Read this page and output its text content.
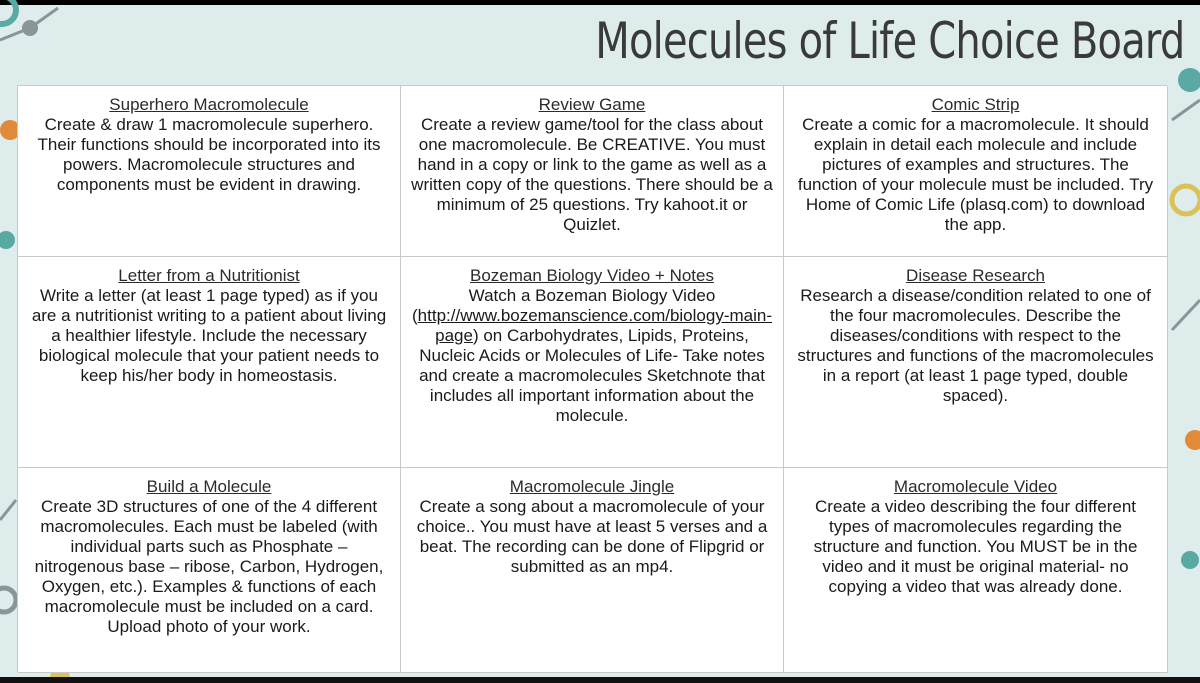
Molecules of Life Choice Board
Superhero Macromolecule
Create & draw 1 macromolecule superhero. Their functions should be incorporated into its powers. Macromolecule structures and components must be evident in drawing.
Review Game
Create a review game/tool for the class about one macromolecule. Be CREATIVE. You must hand in a copy or link to the game as well as a written copy of the questions. There should be a minimum of 25 questions. Try kahoot.it or Quizlet.
Comic Strip
Create a comic for a macromolecule. It should explain in detail each molecule and include pictures of examples and structures. The function of your molecule must be included. Try Home of Comic Life (plasq.com) to download the app.
Letter from a Nutritionist
Write a letter (at least 1 page typed) as if you are a nutritionist writing to a patient about living a healthier lifestyle. Include the necessary biological molecule that your patient needs to keep his/her body in homeostasis.
Bozeman Biology Video + Notes
Watch a Bozeman Biology Video (http://www.bozemanscience.com/biology-main-page) on Carbohydrates, Lipids, Proteins, Nucleic Acids or Molecules of Life- Take notes and create a macromolecules Sketchnote that includes all important information about the molecule.
Disease Research
Research a disease/condition related to one of the four macromolecules. Describe the diseases/conditions with respect to the structures and functions of the macromolecules in a report (at least 1 page typed, double spaced).
Build a Molecule
Create 3D structures of one of the 4 different macromolecules. Each must be labeled (with individual parts such as Phosphate – nitrogenous base – ribose, Carbon, Hydrogen, Oxygen, etc.). Examples & functions of each macromolecule must be included on a card. Upload photo of your work.
Macromolecule Jingle
Create a song about a macromolecule of your choice.. You must have at least 5 verses and a beat. The recording can be done of Flipgrid or submitted as an mp4.
Macromolecule Video
Create a video describing the four different types of macromolecules regarding the structure and function. You MUST be in the video and it must be original material- no copying a video that was already done.
